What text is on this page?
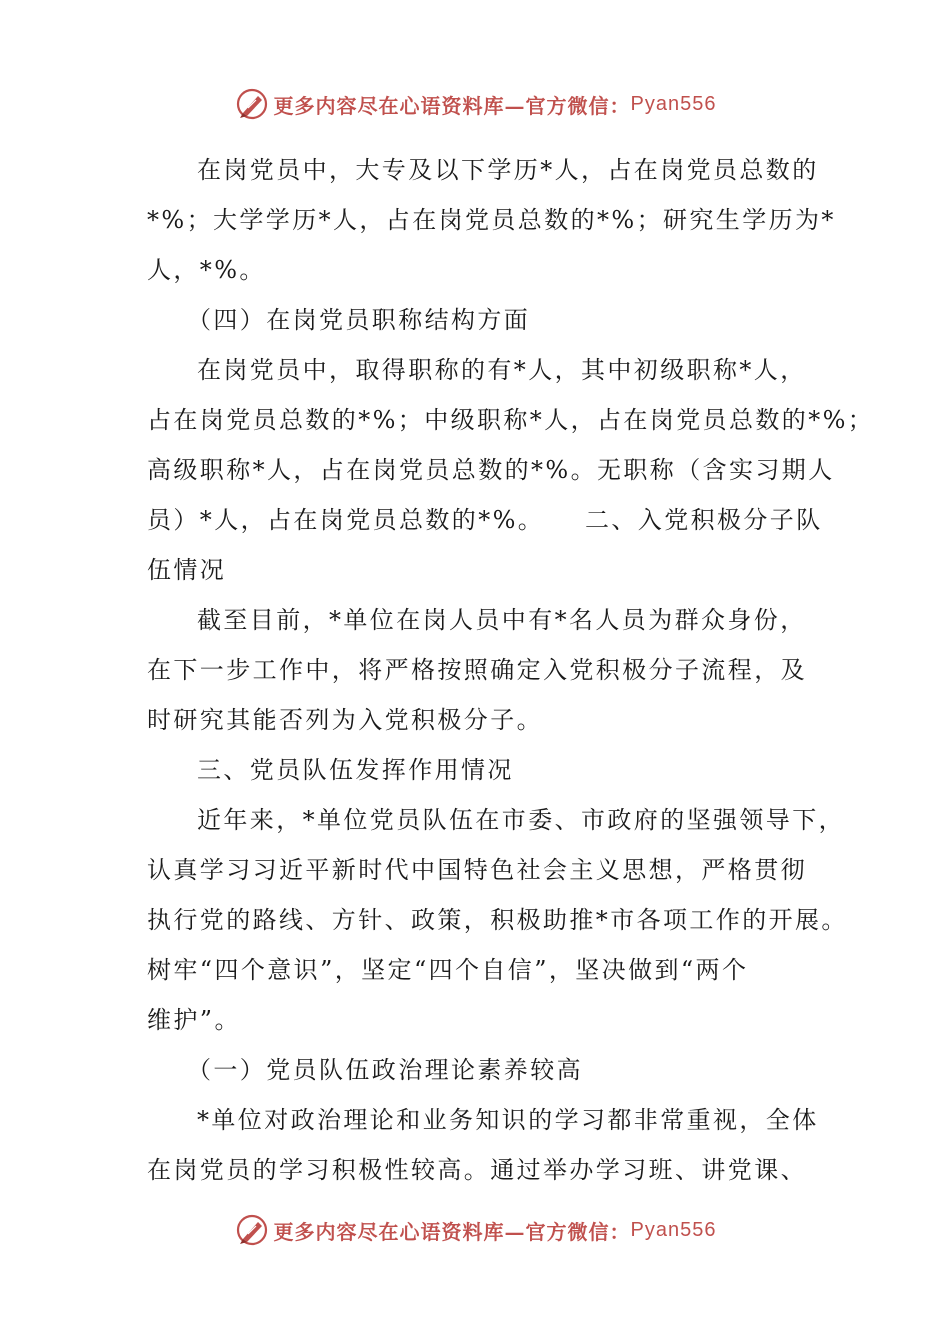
更多内容尽在心语资料库—官方微信： Pyan556
在岗党员中，大专及以下学历*人，占在岗党员总数的
*%；大学学历*人，占在岗党员总数的*%；研究生学历为*
人，*%。
（四）在岗党员职称结构方面
在岗党员中，取得职称的有*人，其中初级职称*人，
占在岗党员总数的*%；中级职称*人，占在岗党员总数的*%；
高级职称*人，占在岗党员总数的*%。无职称（含实习期人
员）*人，占在岗党员总数的*%。　　二、入党积极分子队
伍情况
截至目前，*单位在岗人员中有*名人员为群众身份，
在下一步工作中，将严格按照确定入党积极分子流程，及
时研究其能否列为入党积极分子。
三、党员队伍发挥作用情况
近年来，*单位党员队伍在市委、市政府的坚强领导下，
认真学习习近平新时代中国特色社会主义思想，严格贯彻
执行党的路线、方针、政策，积极助推*市各项工作的开展。
树牢“四个意识”，坚定“四个自信”，坚决做到“两个
维护”。
（一）党员队伍政治理论素养较高
*单位对政治理论和业务知识的学习都非常重视，全体
在岗党员的学习积极性较高。通过举办学习班、讲党课、
更多内容尽在心语资料库—官方微信： Pyan556
